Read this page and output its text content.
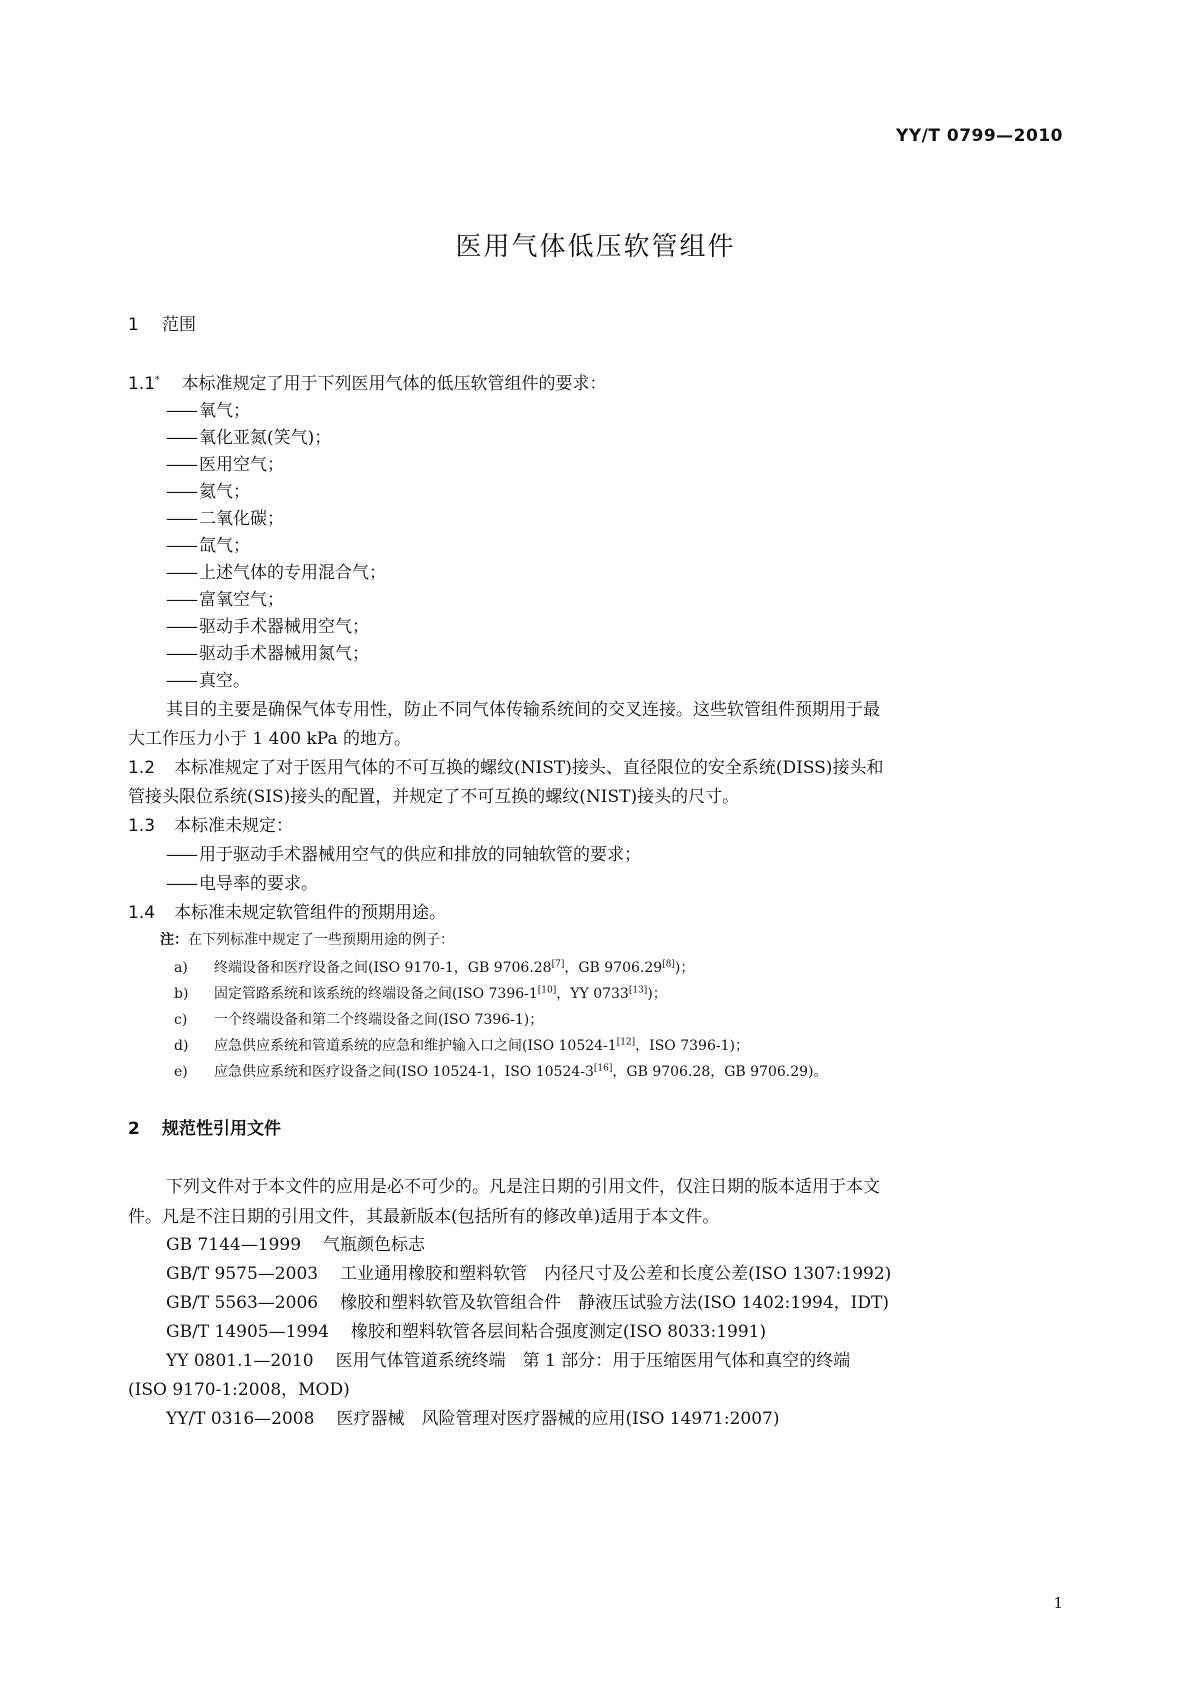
YY/T 0799—2010
医用气体低压软管组件
1 范围
1.1* 本标准规定了用于下列医用气体的低压软管组件的要求：
—— 氧气；
—— 氧化亚氮(笑气)；
—— 医用空气；
—— 氦气；
—— 二氧化碳；
—— 氙气；
—— 上述气体的专用混合气；
—— 富氧空气；
—— 驱动手术器械用空气；
—— 驱动手术器械用氮气；
—— 真空。
其目的主要是确保气体专用性，防止不同气体传输系统间的交叉连接。这些软管组件预期用于最
大工作压力小于 1 400 kPa 的地方。
1.2 本标准规定了对于医用气体的不可互换的螺纹(NIST)接头、直径限位的安全系统(DISS)接头和
管接头限位系统(SIS)接头的配置，并规定了不可互换的螺纹(NIST)接头的尺寸。
1.3 本标准未规定：
—— 用于驱动手术器械用空气的供应和排放的同轴软管的要求；
—— 电导率的要求。
1.4 本标准未规定软管组件的预期用途。
注：在下列标准中规定了一些预期用途的例子：
a) 终端设备和医疗设备之间(ISO 9170-1，GB 9706.28[7]，GB 9706.29[8])；
b) 固定管路系统和该系统的终端设备之间(ISO 7396-1[10]，YY 0733[13])；
c) 一个终端设备和第二个终端设备之间(ISO 7396-1)；
d) 应急供应系统和管道系统的应急和维护输入口之间(ISO 10524-1[12]，ISO 7396-1)；
e) 应急供应系统和医疗设备之间(ISO 10524-1，ISO 10524-3[16]，GB 9706.28，GB 9706.29)。
2 规范性引用文件
下列文件对于本文件的应用是必不可少的。凡是注日期的引用文件，仅注日期的版本适用于本文
件。凡是不注日期的引用文件，其最新版本(包括所有的修改单)适用于本文件。
GB 7144—1999 气瓶颜色标志
GB/T 9575—2003 工业通用橡胶和塑料软管　内径尺寸及公差和长度公差(ISO 1307:1992)
GB/T 5563—2006 橡胶和塑料软管及软管组合件　静液压试验方法(ISO 1402:1994，IDT)
GB/T 14905—1994 橡胶和塑料软管各层间粘合强度测定(ISO 8033:1991)
YY 0801.1—2010 医用气体管道系统终端　第 1 部分：用于压缩医用气体和真空的终端
(ISO 9170-1:2008，MOD)
YY/T 0316—2008 医疗器械　风险管理对医疗器械的应用(ISO 14971:2007)
1
